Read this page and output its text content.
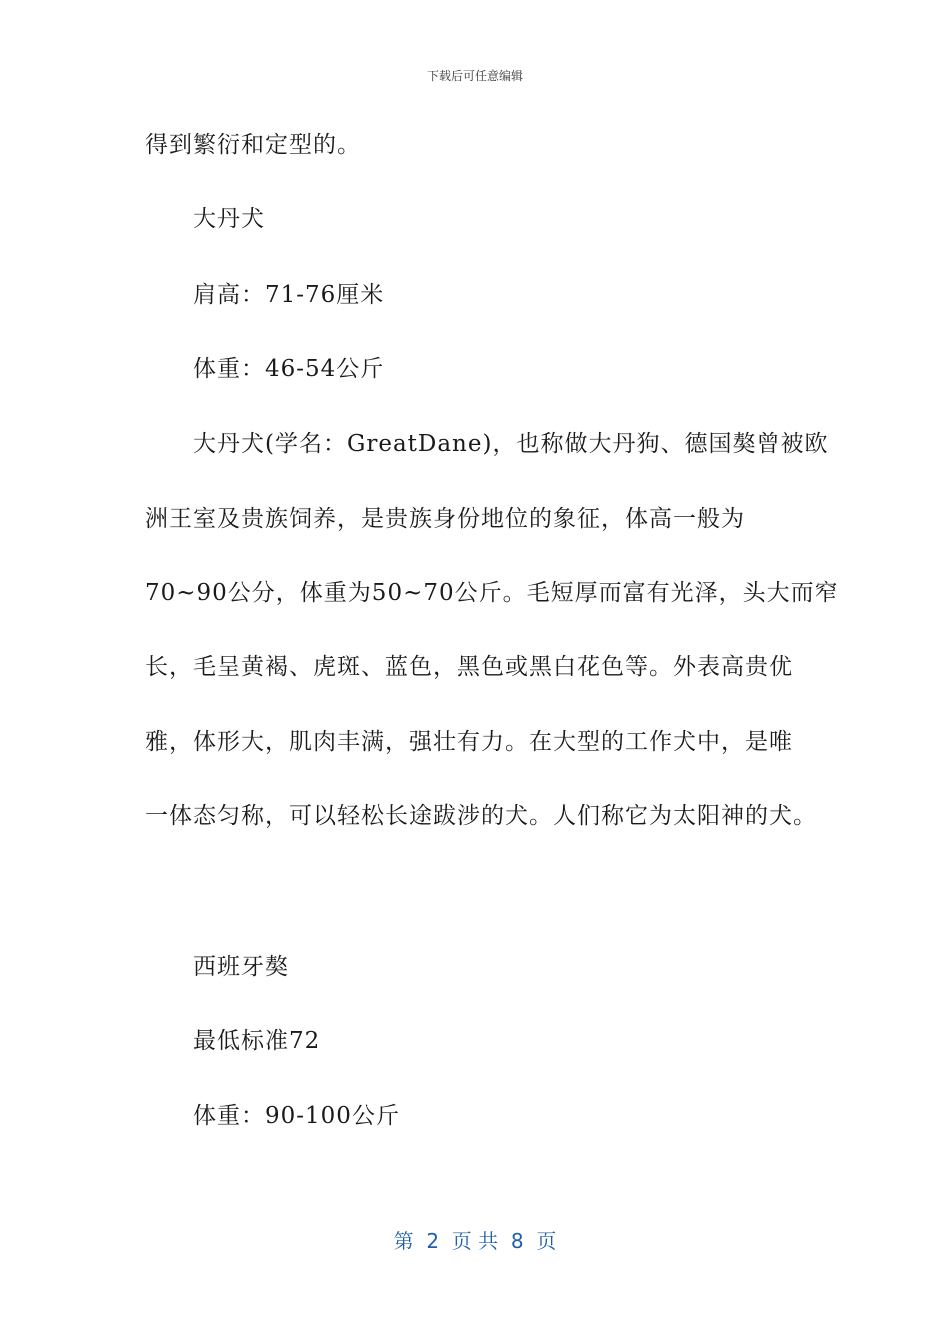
下载后可任意编辑
得到繁衍和定型的。
大丹犬
肩高：71-76厘米
体重：46-54公斤
大丹犬(学名：GreatDane)，也称做大丹狗、德国獒曾被欧
洲王室及贵族饲养，是贵族身份地位的象征，体高一般为
70~90公分，体重为50~70公斤。毛短厚而富有光泽，头大而窄
长，毛呈黄褐、虎斑、蓝色，黑色或黑白花色等。外表高贵优
雅，体形大，肌肉丰满，强壮有力。在大型的工作犬中，是唯
一体态匀称，可以轻松长途跋涉的犬。人们称它为太阳神的犬。
西班牙獒
最低标准72
体重：90-100公斤
第  2  页 共  8  页
